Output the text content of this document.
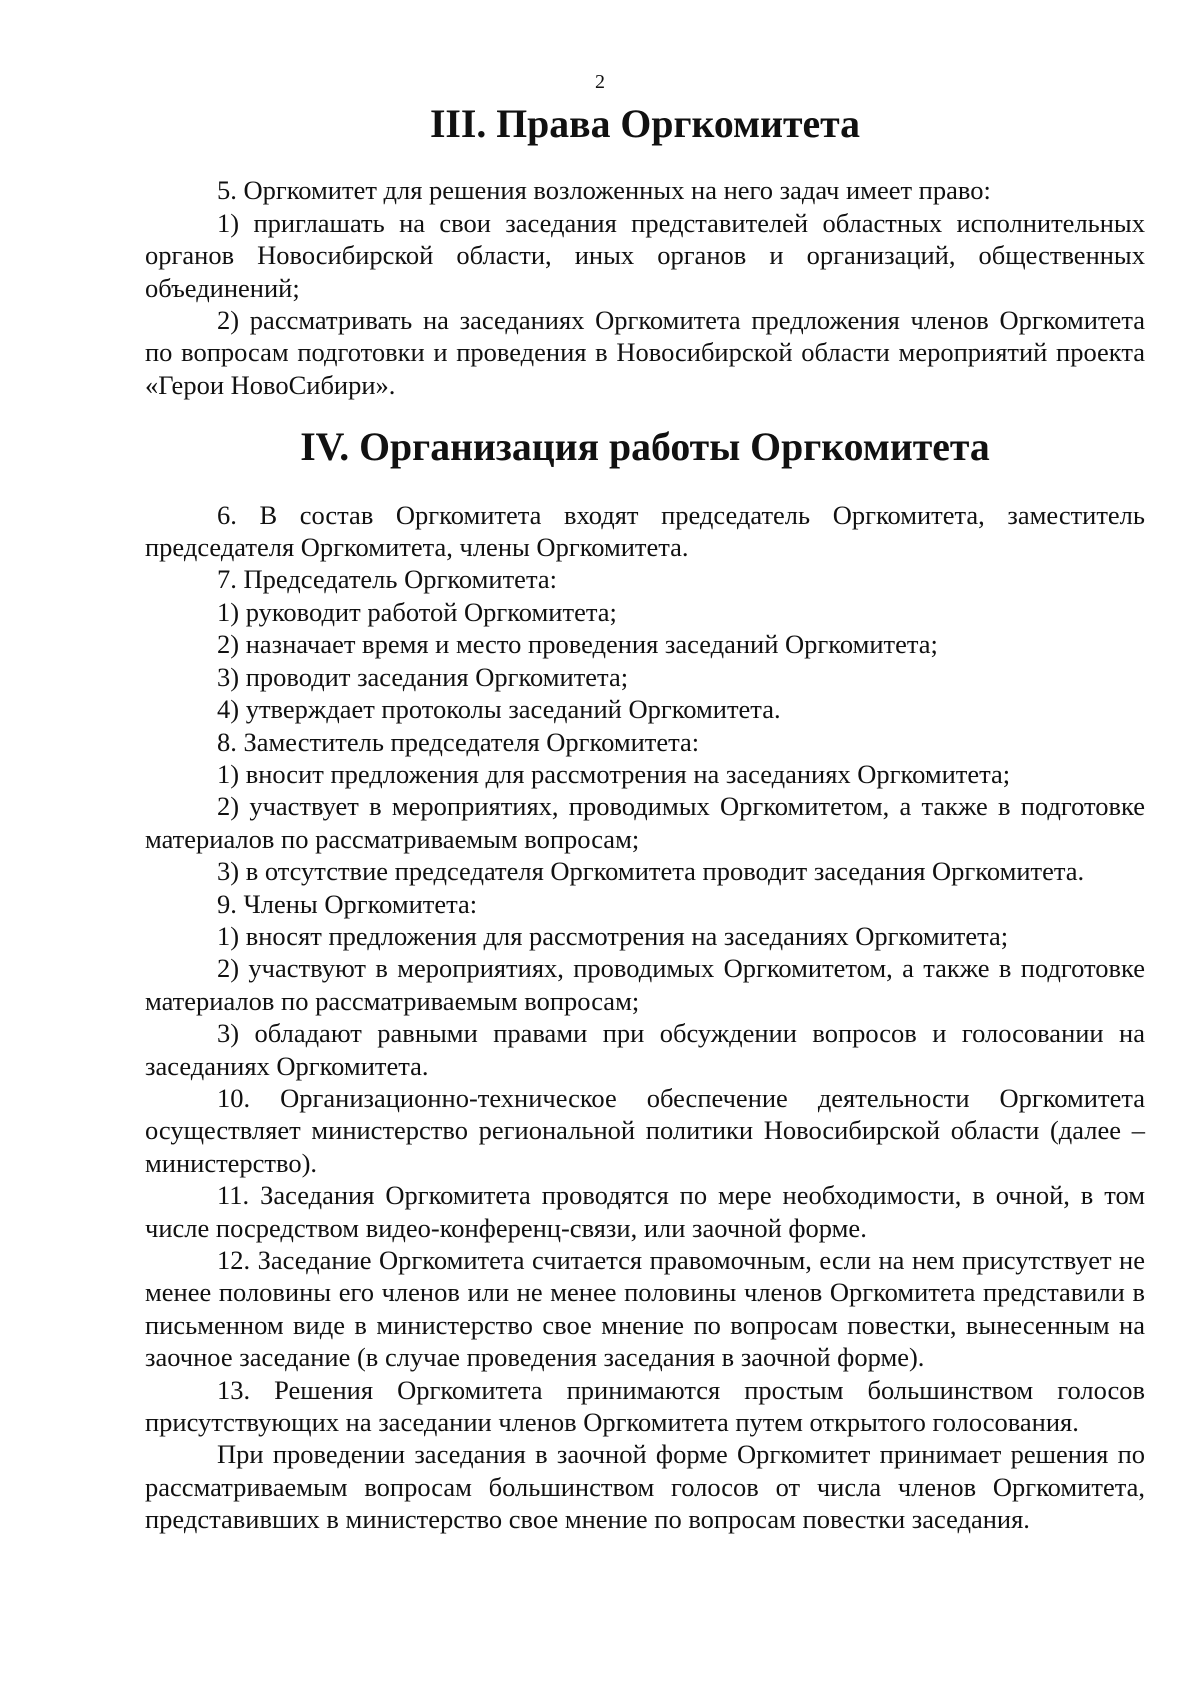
2
III. Права Оргкомитета

5. Оргкомитет для решения возложенных на него задач имеет право:

1) приглашать на свои заседания представителей областных исполнительных органов Новосибирской области, иных органов и организаций, общественных объединений;

2) рассматривать на заседаниях Оргкомитета предложения членов Оргкомитета по вопросам подготовки и проведения в Новосибирской области мероприятий проекта «Герои НовоСибири».

IV. Организация работы Оргкомитета

6. В состав Оргкомитета входят председатель Оргкомитета, заместитель председателя Оргкомитета, члены Оргкомитета.

7. Председатель Оргкомитета:

1) руководит работой Оргкомитета;

2) назначает время и место проведения заседаний Оргкомитета;

3) проводит заседания Оргкомитета;

4) утверждает протоколы заседаний Оргкомитета.

8. Заместитель председателя Оргкомитета:

1) вносит предложения для рассмотрения на заседаниях Оргкомитета;

2) участвует в мероприятиях, проводимых Оргкомитетом, а также в подготовке материалов по рассматриваемым вопросам;

3) в отсутствие председателя Оргкомитета проводит заседания Оргкомитета.

9. Члены Оргкомитета:

1) вносят предложения для рассмотрения на заседаниях Оргкомитета;

2) участвуют в мероприятиях, проводимых Оргкомитетом, а также в подготовке материалов по рассматриваемым вопросам;

3) обладают равными правами при обсуждении вопросов и голосовании на заседаниях Оргкомитета.

10. Организационно-техническое обеспечение деятельности Оргкомитета осуществляет министерство региональной политики Новосибирской области (далее – министерство).

11. Заседания Оргкомитета проводятся по мере необходимости, в очной, в том числе посредством видео-конференц-связи, или заочной форме.

12. Заседание Оргкомитета считается правомочным, если на нем присутствует не менее половины его членов или не менее половины членов Оргкомитета представили в письменном виде в министерство свое мнение по вопросам повестки, вынесенным на заочное заседание (в случае проведения заседания в заочной форме).

13. Решения Оргкомитета принимаются простым большинством голосов присутствующих на заседании членов Оргкомитета путем открытого голосования.

При проведении заседания в заочной форме Оргкомитет принимает решения по рассматриваемым вопросам большинством голосов от числа членов Оргкомитета, представивших в министерство свое мнение по вопросам повестки заседания.
